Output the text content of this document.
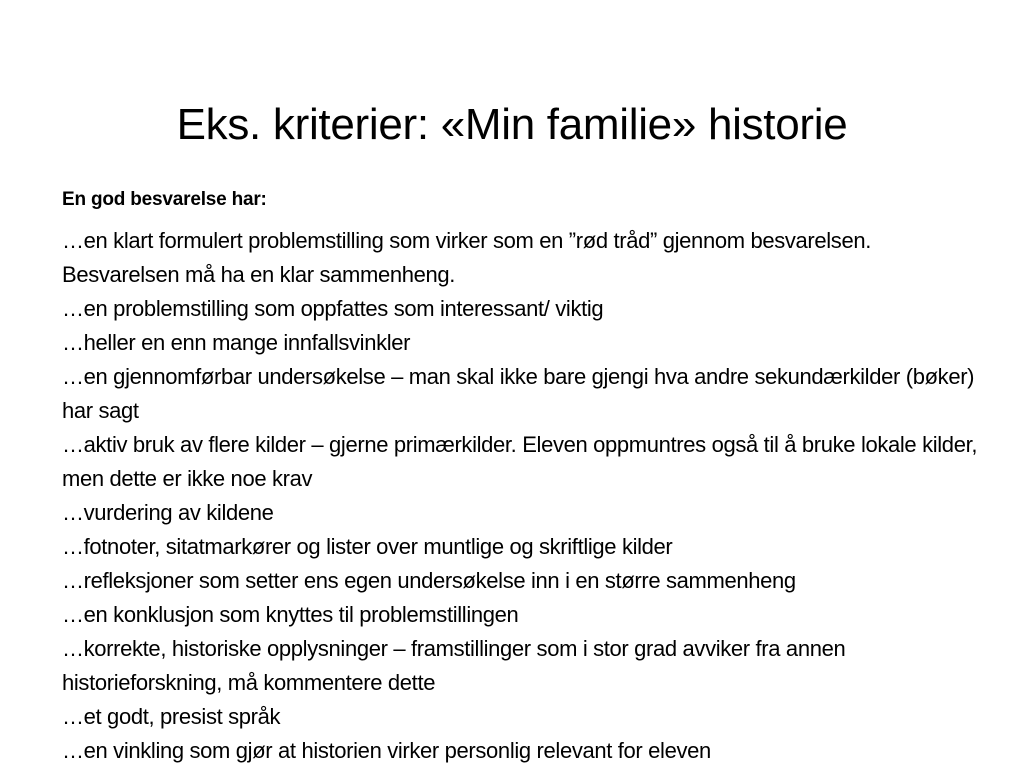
Eks. kriterier: «Min familie» historie
En god besvarelse har:
…en klart formulert problemstilling som virker som en ”rød tråd” gjennom besvarelsen. Besvarelsen må ha en klar sammenheng.
…en problemstilling som oppfattes som interessant/ viktig
…heller en enn mange innfallsvinkler
…en gjennomførbar undersøkelse – man skal ikke bare gjengi hva andre sekundærkilder (bøker) har sagt
…aktiv bruk av flere kilder – gjerne primærkilder. Eleven oppmuntres også til å bruke lokale kilder, men dette er ikke noe krav
…vurdering av kildene
…fotnoter, sitatmarkører og lister over muntlige og skriftlige kilder
…refleksjoner som setter ens egen undersøkelse inn i en større sammenheng
…en konklusjon som knyttes til problemstillingen
…korrekte, historiske opplysninger – framstillinger som i stor grad avviker fra annen historieforskning, må kommentere dette
…et godt, presist språk
…en vinkling som gjør at historien virker personlig relevant for eleven
